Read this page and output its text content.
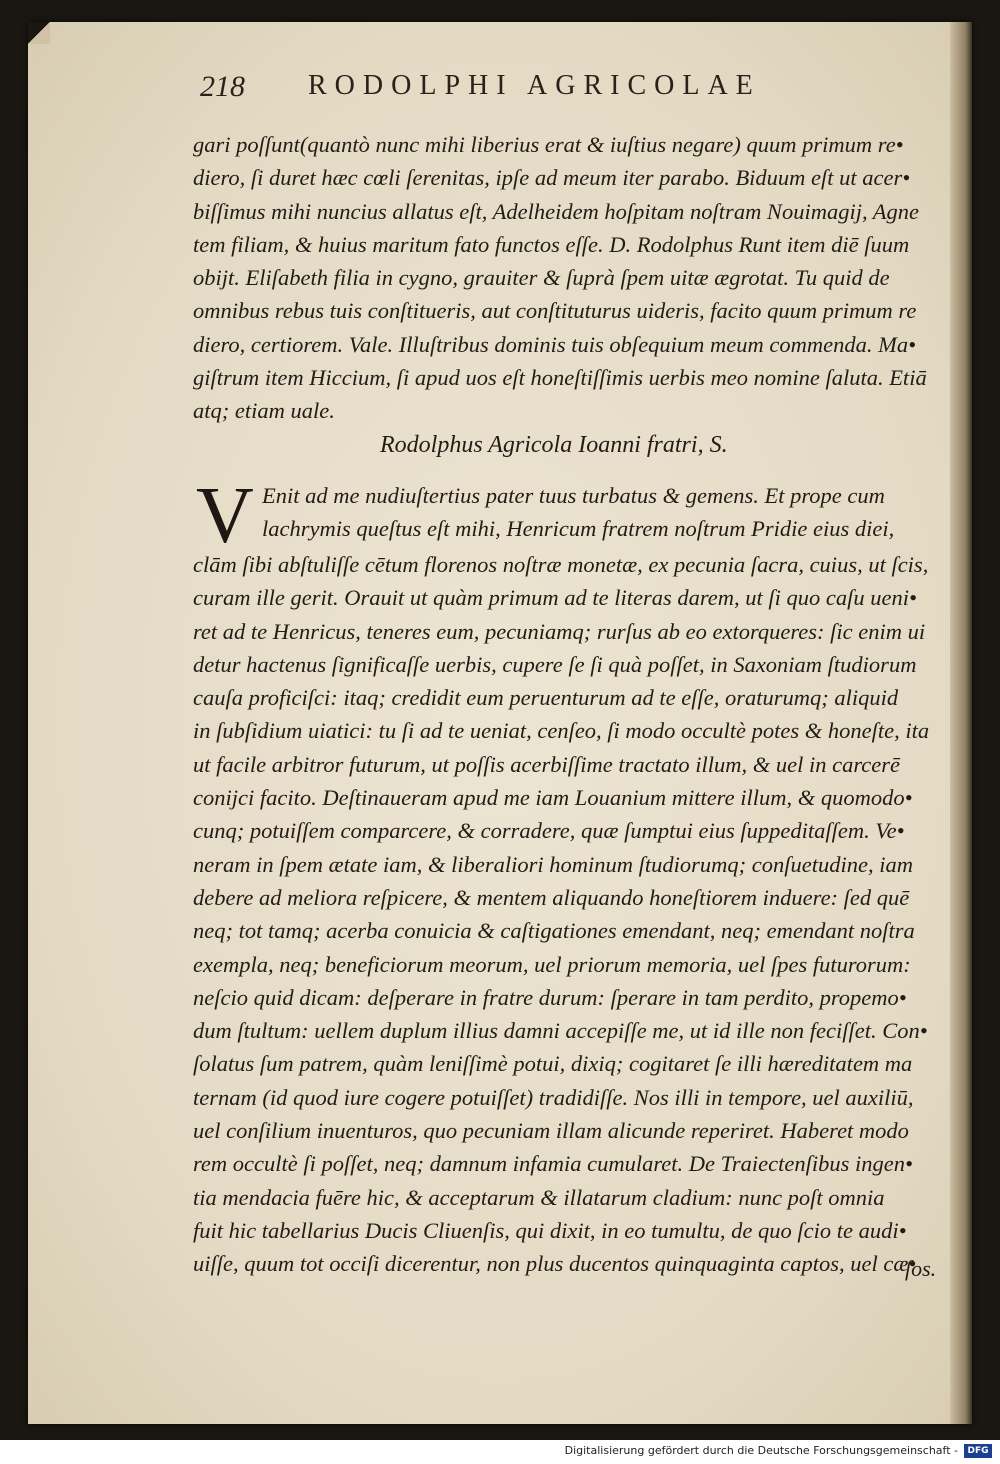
218 RODOLPHI AGRICOLAE
gari poſſunt(quantò nunc mihi liberius erat & iuſtius negare) quum primum re•
diero, ſi duret hæc cœli ſerenitas, ipſe ad meum iter parabo. Biduum eſt ut acer•
biſſimus mihi nuncius allatus eſt, Adelheidem hoſpitam noſtram Nouimagij, Agne
tem filiam, & huius maritum fato functos eſſe. D. Rodolphus Runt item diē ſuum
obijt. Eliſabeth filia in cygno, grauiter & ſuprà ſpem uitæ ægrotat. Tu quid de
omnibus rebus tuis conſtitueris, aut conſtituturus uideris, facito quum primum re
diero, certiorem. Vale. Illuſtribus dominis tuis obſequium meum commenda. Ma•
giſtrum item Hiccium, ſi apud uos eſt honeſtiſſimis uerbis meo nomine ſaluta. Etiā
atq; etiam uale.
Rodolphus Agricola Ioanni fratri, S.
V Enit ad me nudiuſtertius pater tuus turbatus & gemens. Et prope cum
lachrymis queſtus eſt mihi, Henricum fratrem noſtrum Pridie eius diei,
clām ſibi abſtuliſſe cētum florenos noſtræ monetæ, ex pecunia ſacra, cuius, ut ſcis,
curam ille gerit. Orauit ut quàm primum ad te literas darem, ut ſi quo caſu ueni•
ret ad te Henricus, teneres eum, pecuniamq; rurſus ab eo extorqueres: ſic enim ui
detur hactenus ſignificaſſe uerbis, cupere ſe ſi quà poſſet, in Saxoniam ſtudiorum
cauſa proficiſci: itaq; credidit eum peruenturum ad te eſſe, oraturumq; aliquid
in ſubſidium uiatici: tu ſi ad te ueniat, cenſeo, ſi modo occultè potes & honeſte, ita
ut facile arbitror futurum, ut poſſis acerbiſſime tractato illum, & uel in carcerē
conijci facito. Deſtinaueram apud me iam Louanium mittere illum, & quomodo•
cunq; potuiſſem comparcere, & corradere, quæ ſumptui eius ſuppeditaſſem. Ve•
neram in ſpem ætate iam, & liberaliori hominum ſtudiorumq; conſuetudine, iam
debere ad meliora reſpicere, & mentem aliquando honeſtiorem induere: ſed quē
neq; tot tamq; acerba conuicia & caſtigationes emendant, neq; emendant noſtra
exempla, neq; beneficiorum meorum, uel priorum memoria, uel ſpes futurorum:
neſcio quid dicam: deſperare in fratre durum: ſperare in tam perdito, propemo•
dum ſtultum: uellem duplum illius damni accepiſſe me, ut id ille non feciſſet. Con•
ſolatus ſum patrem, quàm leniſſimè potui, dixiq; cogitaret ſe illi hæreditatem ma
ternam (id quod iure cogere potuiſſet) tradidiſſe. Nos illi in tempore, uel auxiliū,
uel conſilium inuenturos, quo pecuniam illam alicunde reperiret. Haberet modo
rem occultè ſi poſſet, neq; damnum infamia cumularet. De Traiectenſibus ingen•
tia mendacia fuēre hic, & acceptarum & illatarum cladium: nunc poſt omnia
fuit hic tabellarius Ducis Cliuenſis, qui dixit, in eo tumultu, de quo ſcio te audi•
uiſſe, quum tot occiſi dicerentur, non plus ducentos quinquaginta captos, uel cæ•
ſos.
Digitalisierung gefördert durch die Deutsche Forschungsgemeinschaft -	DFG
